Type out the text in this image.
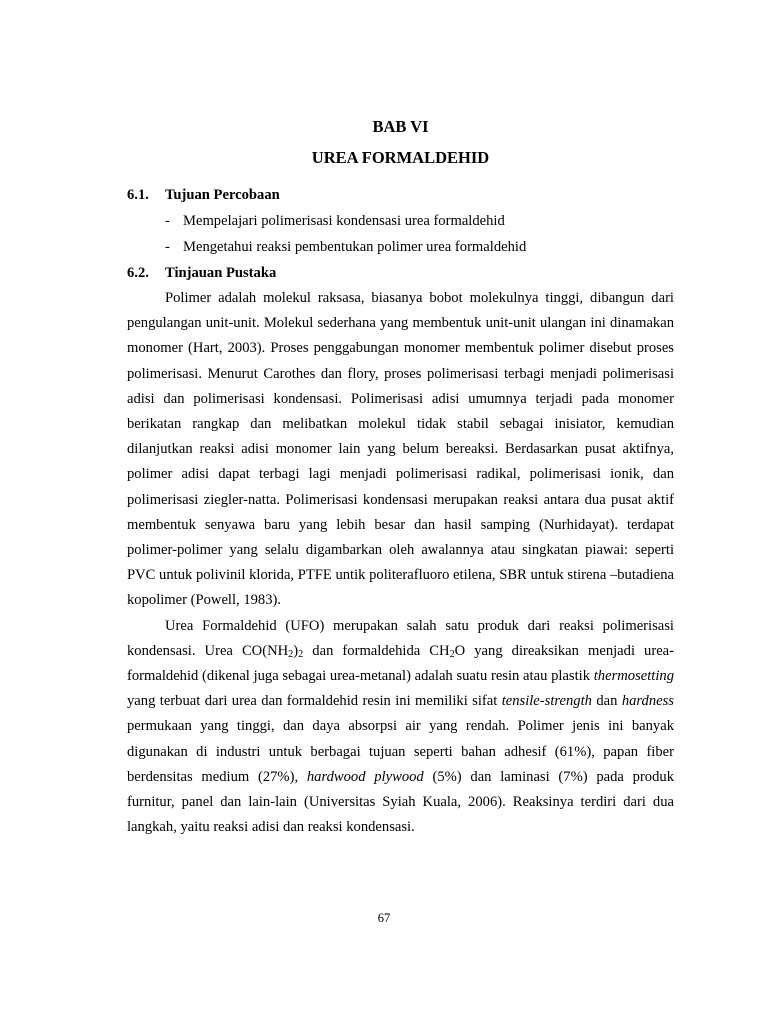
BAB VI

UREA FORMALDEHID

6.1.	Tujuan Percobaan
- Mempelajari polimerisasi kondensasi urea formaldehid
- Mengetahui reaksi pembentukan polimer urea formaldehid
6.2.	Tinjauan Pustaka

Polimer adalah molekul raksasa, biasanya bobot molekulnya tinggi, dibangun dari pengulangan unit-unit. Molekul sederhana yang membentuk unit-unit ulangan ini dinamakan monomer (Hart, 2003). Proses penggabungan monomer membentuk polimer disebut proses polimerisasi. Menurut Carothes dan flory, proses polimerisasi terbagi menjadi polimerisasi adisi dan polimerisasi kondensasi. Polimerisasi adisi umumnya terjadi pada monomer berikatan rangkap dan melibatkan molekul tidak stabil sebagai inisiator, kemudian dilanjutkan reaksi adisi monomer lain yang belum bereaksi. Berdasarkan pusat aktifnya, polimer adisi dapat terbagi lagi menjadi polimerisasi radikal, polimerisasi ionik, dan polimerisasi ziegler-natta. Polimerisasi kondensasi merupakan reaksi antara dua pusat aktif membentuk senyawa baru yang lebih besar dan hasil samping (Nurhidayat). terdapat polimer-polimer yang selalu digambarkan oleh awalannya atau singkatan piawai: seperti PVC untuk polivinil klorida, PTFE untik politerafluoro etilena, SBR untuk stirena –butadiena kopolimer (Powell, 1983).

Urea Formaldehid (UFO) merupakan salah satu produk dari reaksi polimerisasi kondensasi. Urea $CO(NH_2)_2$ dan formaldehida $CH_2O$ yang direaksikan menjadi urea-formaldehid (dikenal juga sebagai urea-metanal) adalah suatu resin atau plastik thermosetting yang terbuat dari urea dan formaldehid resin ini memiliki sifat tensile-strength dan hardness permukaan yang tinggi, dan daya absorpsi air yang rendah. Polimer jenis ini banyak digunakan di industri untuk berbagai tujuan seperti bahan adhesif (61%), papan fiber berdensitas medium (27%), hardwood plywood (5%) dan laminasi (7%) pada produk furnitur, panel dan lain-lain (Universitas Syiah Kuala, 2006). Reaksinya terdiri dari dua langkah, yaitu reaksi adisi dan reaksi kondensasi.

67
